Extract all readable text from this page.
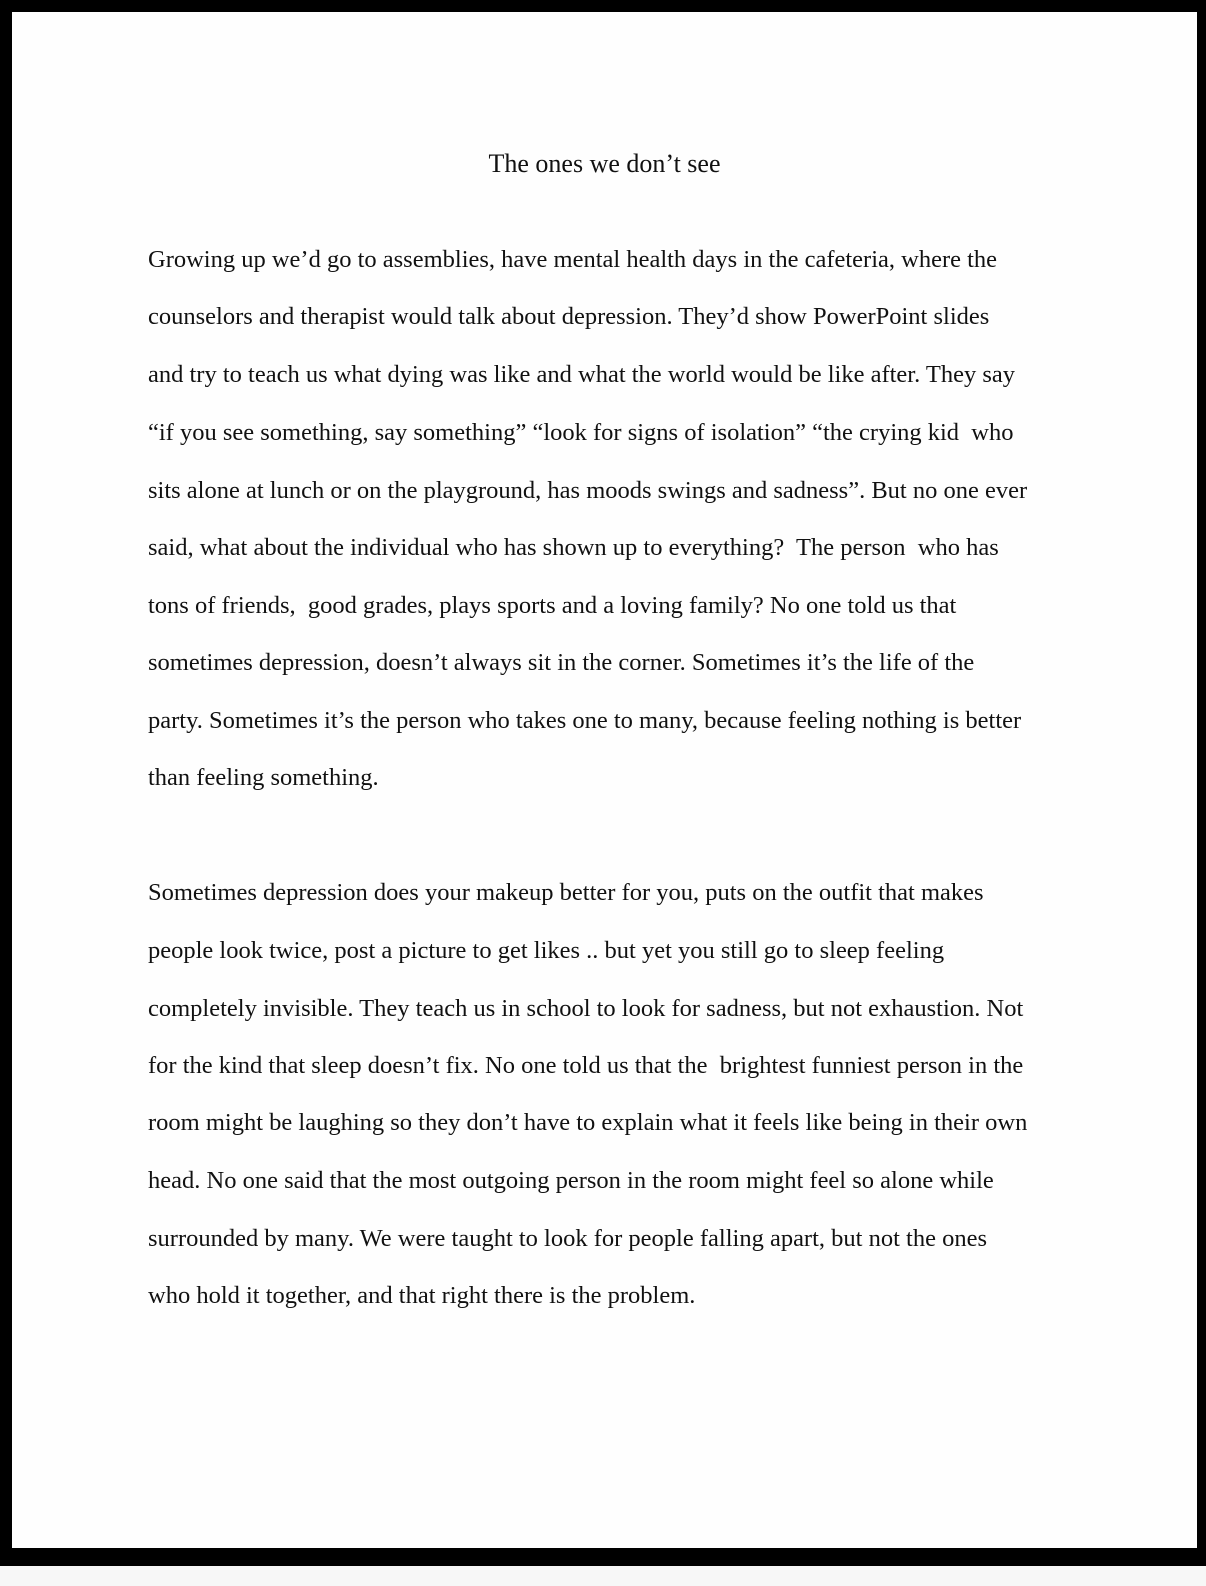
The ones we don’t see

Growing up we’d go to assemblies, have mental health days in the cafeteria, where the

counselors and therapist would talk about depression. They’d show PowerPoint slides

and try to teach us what dying was like and what the world would be like after. They say

“if you see something, say something” “look for signs of isolation” “the crying kid  who

sits alone at lunch or on the playground, has moods swings and sadness”. But no one ever

said, what about the individual who has shown up to everything?  The person  who has

tons of friends,  good grades, plays sports and a loving family? No one told us that

sometimes depression, doesn’t always sit in the corner. Sometimes it’s the life of the

party. Sometimes it’s the person who takes one to many, because feeling nothing is better

than feeling something.

Sometimes depression does your makeup better for you, puts on the outfit that makes

people look twice, post a picture to get likes .. but yet you still go to sleep feeling

completely invisible. They teach us in school to look for sadness, but not exhaustion. Not

for the kind that sleep doesn’t fix. No one told us that the  brightest funniest person in the

room might be laughing so they don’t have to explain what it feels like being in their own

head. No one said that the most outgoing person in the room might feel so alone while

surrounded by many. We were taught to look for people falling apart, but not the ones

who hold it together, and that right there is the problem.
